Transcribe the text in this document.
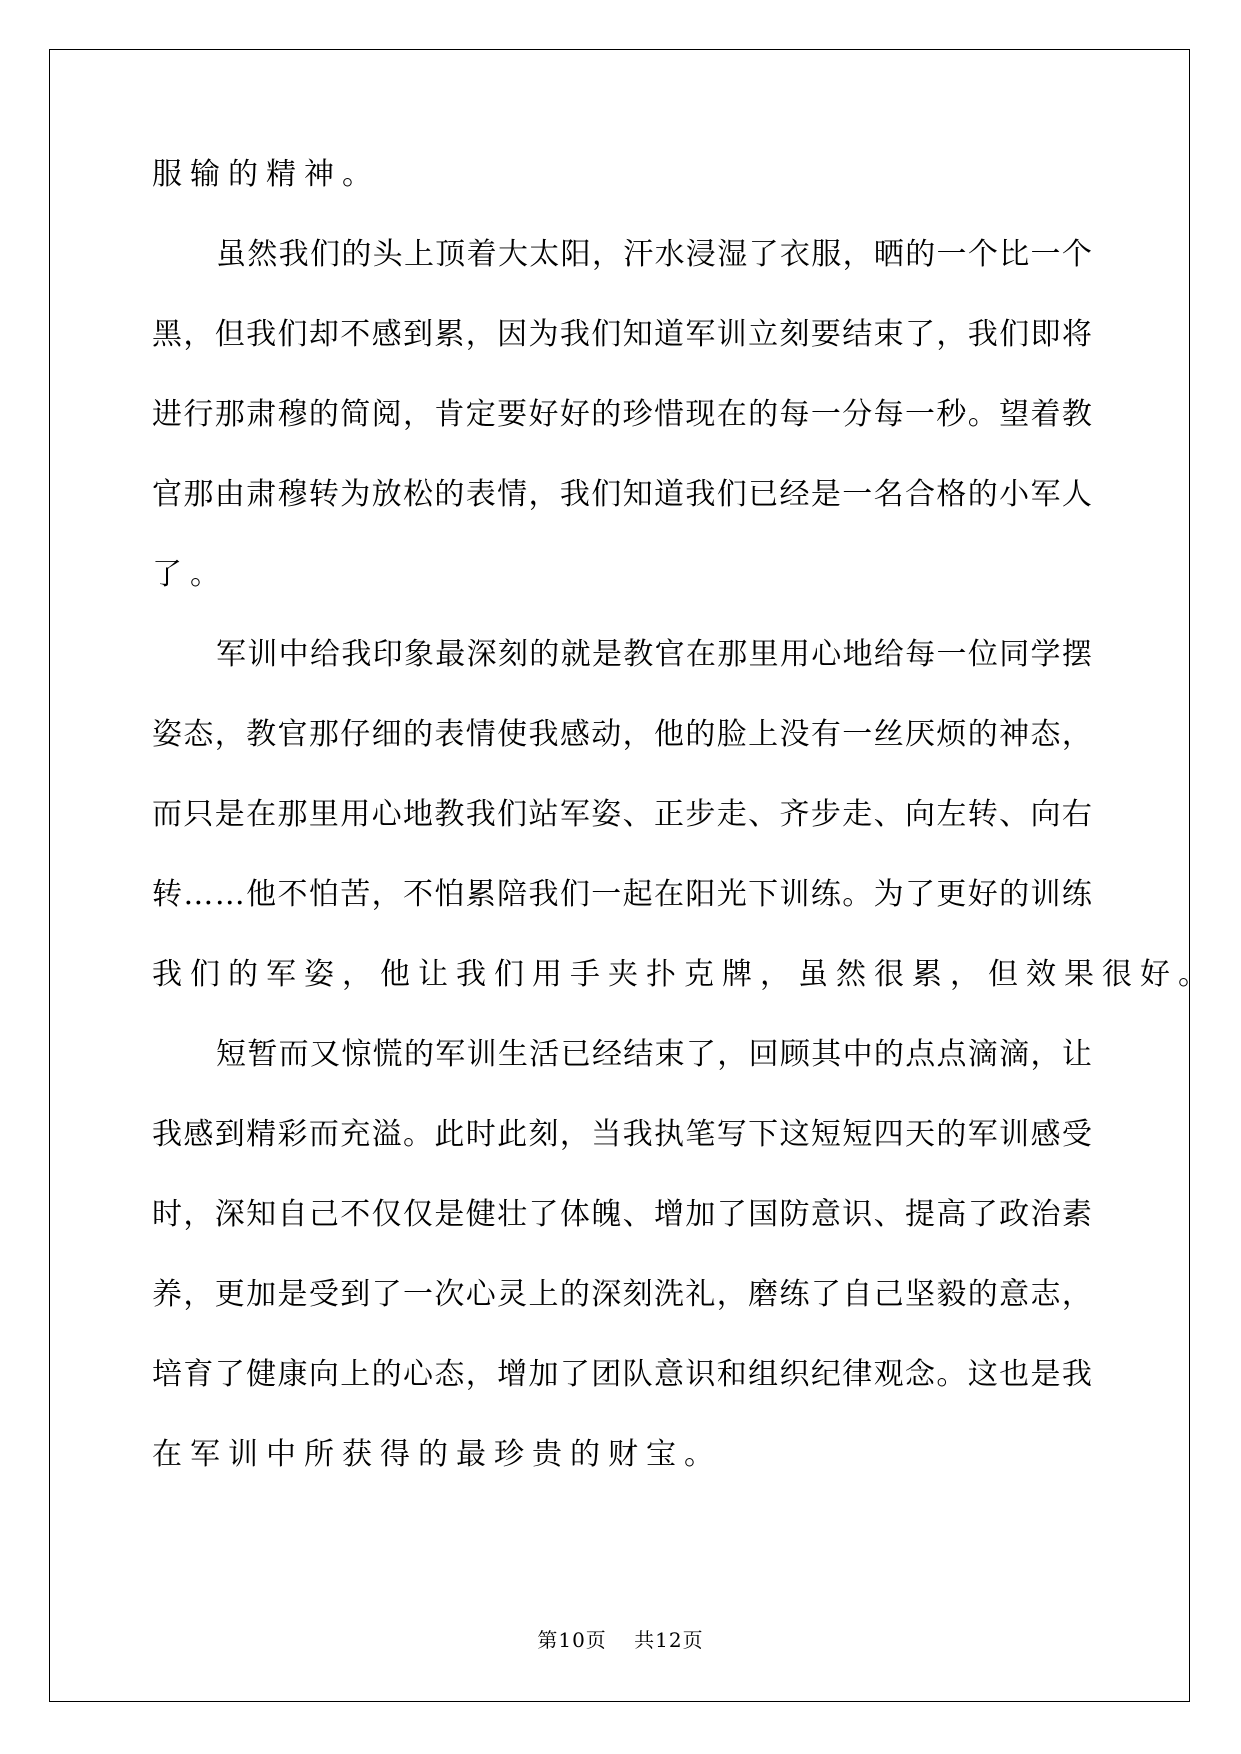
服 输 的 精 神 。
虽 然 我 们 的 头 上 顶 着 大 太 阳 ， 汗 水 浸 湿 了 衣 服 ， 晒 的 一 个 比 一 个
黑 ， 但 我 们 却 不 感 到 累 ， 因 为 我 们 知 道 军 训 立 刻 要 结 束 了 ， 我 们 即 将
进 行 那 肃 穆 的 简 阅 ， 肯 定 要 好 好 的 珍 惜 现 在 的 每 一 分 每 一 秒 。 望 着 教
官 那 由 肃 穆 转 为 放 松 的 表 情 ， 我 们 知 道 我 们 已 经 是 一 名 合 格 的 小 军 人
了 。
军 训 中 给 我 印 象 最 深 刻 的 就 是 教 官 在 那 里 用 心 地 给 每 一 位 同 学 摆
姿 态 ， 教 官 那 仔 细 的 表 情 使 我 感 动 ， 他 的 脸 上 没 有 一 丝 厌 烦 的 神 态 ，
而 只 是 在 那 里 用 心 地 教 我 们 站 军 姿 、 正 步 走 、 齐 步 走 、 向 左 转 、 向 右
转 … … 他 不 怕 苦 ， 不 怕 累 陪 我 们 一 起 在 阳 光 下 训 练 。 为 了 更 好 的 训 练
我 们 的 军 姿 ， 他 让 我 们 用 手 夹 扑 克 牌 ， 虽 然 很 累 ， 但 效 果 很 好 。
短 暂 而 又 惊 慌 的 军 训 生 活 已 经 结 束 了 ， 回 顾 其 中 的 点 点 滴 滴 ， 让
我 感 到 精 彩 而 充 溢 。 此 时 此 刻 ， 当 我 执 笔 写 下 这 短 短 四 天 的 军 训 感 受
时 ， 深 知 自 己 不 仅 仅 是 健 壮 了 体 魄 、 增 加 了 国 防 意 识 、 提 高 了 政 治 素
养 ， 更 加 是 受 到 了 一 次 心 灵 上 的 深 刻 洗 礼 ， 磨 练 了 自 己 坚 毅 的 意 志 ，
培 育 了 健 康 向 上 的 心 态 ， 增 加 了 团 队 意 识 和 组 织 纪 律 观 念 。 这 也 是 我
在 军 训 中 所 获 得 的 最 珍 贵 的 财 宝 。
第10页 共12页
